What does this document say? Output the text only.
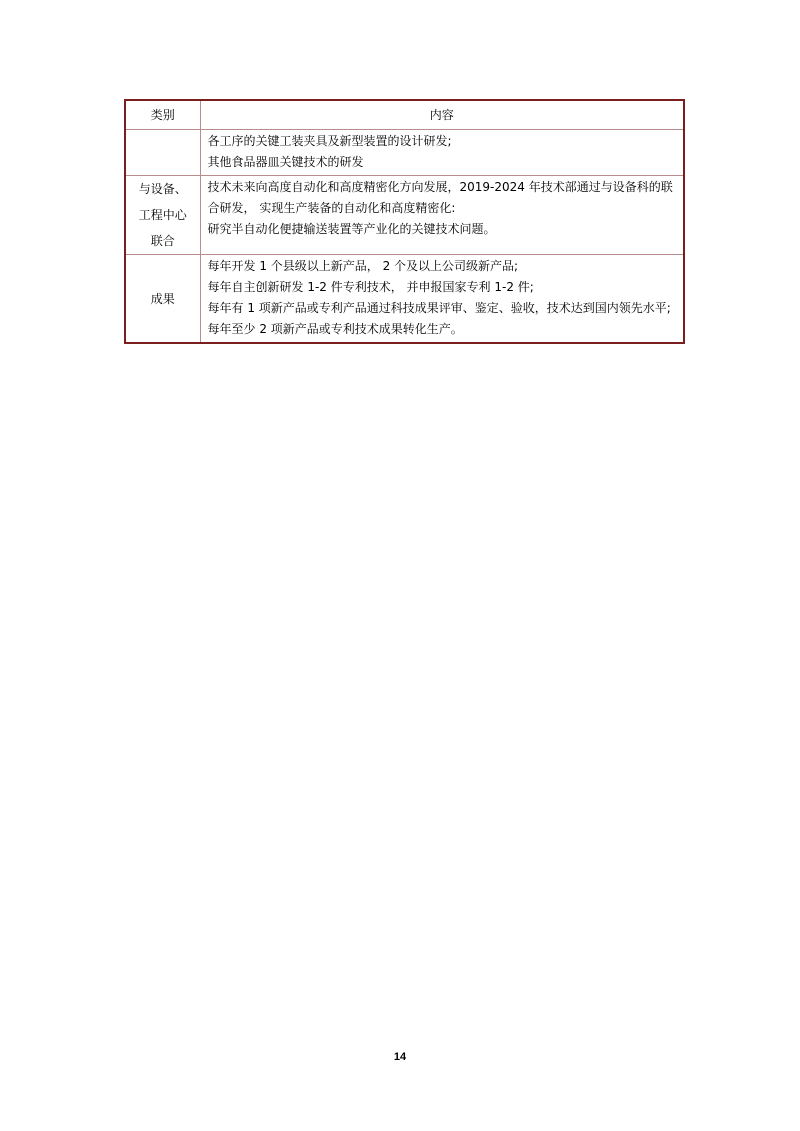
类别	内容

	各工序的关键工装夹具及新型装置的设计研发;
其他食品器皿关键技术的研发

与设备、
工程中心
联合	技术未来向高度自动化和高度精密化方向发展，2019-2024 年技术部通过与设备科的联合研发， 实现生产装备的自动化和高度精密化:
研究半自动化便捷输送装置等产业化的关键技术问题。

成果	每年开发 1 个县级以上新产品， 2 个及以上公司级新产品;
每年自主创新研发 1-2 件专利技术， 并申报国家专利 1-2 件;
每年有 1 项新产品或专利产品通过科技成果评审、鉴定、验收，技术达到国内领先水平;
每年至少 2 项新产品或专利技术成果转化生产。
14
